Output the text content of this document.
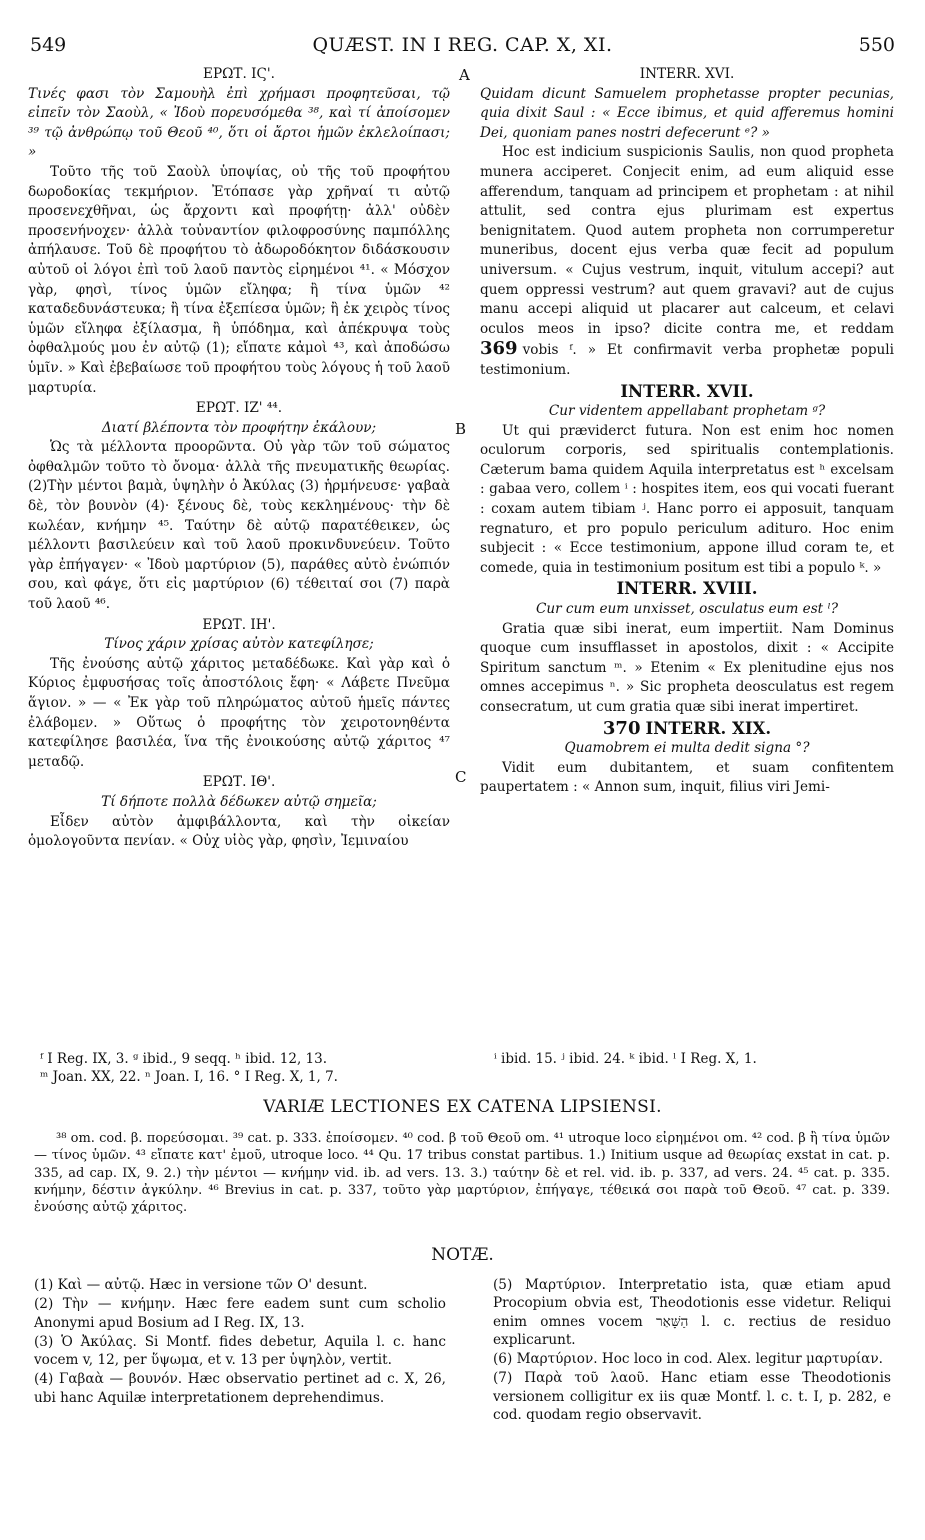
549	QUÆST. IN I REG. CAP. X, XI.	550
A
B
C
ΕΡΩΤ. ΙϚ'.

Τινές φασι τὸν Σαμουὴλ ἐπὶ χρήμασι προφητεῦσαι, τῷ εἰπεῖν τὸν Σαοὺλ, « Ἰδοὺ πορευσόμεθα ³⁸, καὶ τί ἀποίσομεν ³⁹ τῷ ἀνθρώπῳ τοῦ Θεοῦ ⁴⁰, ὅτι οἱ ἄρτοι ἡμῶν ἐκλελοίπασι; »

Τοῦτο τῆς τοῦ Σαοὺλ ὑποψίας, οὐ τῆς τοῦ προφήτου δωροδοκίας τεκμήριον. Ἐτόπασε γὰρ χρῆναί τι αὐτῷ προσενεχθῆναι, ὡς ἄρχοντι καὶ προφήτῃ· ἀλλ' οὐδὲν προσενήνοχεν· ἀλλὰ τοὐναντίον φιλοφροσύνης παμπόλλης ἀπήλαυσε. Τοῦ δὲ προφήτου τὸ ἀδωροδόκητον διδάσκουσιν αὐτοῦ οἱ λόγοι ἐπὶ τοῦ λαοῦ παντὸς εἰρημένοι ⁴¹. « Μόσχον γὰρ, φησὶ, τίνος ὑμῶν εἴληφα; ἢ τίνα ὑμῶν ⁴² καταδεδυνάστευκα; ἢ τίνα ἐξεπίεσα ὑμῶν; ἢ ἐκ χειρὸς τίνος ὑμῶν εἴληφα ἐξίλασμα, ἢ ὑπόδημα, καὶ ἀπέκρυψα τοὺς ὀφθαλμούς μου ἐν αὐτῷ (1); εἴπατε κἀμοὶ ⁴³, καὶ ἀποδώσω ὑμῖν. » Καὶ ἐβεβαίωσε τοῦ προφήτου τοὺς λόγους ἡ τοῦ λαοῦ μαρτυρία.

ΕΡΩΤ. ΙΖ' ⁴⁴.

Διατί βλέποντα τὸν προφήτην ἐκάλουν;

Ὡς τὰ μέλλοντα προορῶντα. Οὐ γὰρ τῶν τοῦ σώματος ὀφθαλμῶν τοῦτο τὸ ὄνομα· ἀλλὰ τῆς πνευματικῆς θεωρίας. (2)Τὴν μέντοι βαμὰ, ὑψηλὴν ὁ Ἀκύλας (3) ἡρμήνευσε· γαβαὰ δὲ, τὸν βουνὸν (4)· ξένους δὲ, τοὺς κεκλημένους· τὴν δὲ κωλέαν, κνήμην ⁴⁵. Ταύτην δὲ αὐτῷ παρατέθεικεν, ὡς μέλλοντι βασιλεύειν καὶ τοῦ λαοῦ προκινδυνεύειν. Τοῦτο γὰρ ἐπήγαγεν· « Ἰδοὺ μαρτύριον (5), παράθες αὐτὸ ἐνώπιόν σου, καὶ φάγε, ὅτι εἰς μαρτύριον (6) τέθειταί σοι (7) παρὰ τοῦ λαοῦ ⁴⁶.

ΕΡΩΤ. ΙΗ'.

Τίνος χάριν χρίσας αὐτὸν κατεφίλησε;

Τῆς ἐνούσης αὐτῷ χάριτος μεταδέδωκε. Καὶ γὰρ καὶ ὁ Κύριος ἐμφυσήσας τοῖς ἀποστόλοις ἔφη· « Λάβετε Πνεῦμα ἅγιον. » — « Ἐκ γὰρ τοῦ πληρώματος αὐτοῦ ἡμεῖς πάντες ἐλάβομεν. » Οὕτως ὁ προφήτης τὸν χειροτονηθέντα κατεφίλησε βασιλέα, ἵνα τῆς ἐνοικούσης αὐτῷ χάριτος ⁴⁷ μεταδῷ.

ΕΡΩΤ. ΙΘ'.

Τί δήποτε πολλὰ δέδωκεν αὐτῷ σημεῖα;

Εἶδεν αὐτὸν ἀμφιβάλλοντα, καὶ τὴν οἰκείαν ὁμολογοῦντα πενίαν. « Οὐχ υἱὸς γὰρ, φησὶν, Ἰεμιναίου

INTERR. XVI.

Quidam dicunt Samuelem prophetasse propter pecunias, quia dixit Saul : « Ecce ibimus, et quid afferemus homini Dei, quoniam panes nostri defecerunt ᵉ? »

Hoc est indicium suspicionis Saulis, non quod propheta munera acciperet. Conjecit enim, ad eum aliquid esse afferendum, tanquam ad principem et prophetam : at nihil attulit, sed contra ejus plurimam est expertus benignitatem. Quod autem propheta non corrumperetur muneribus, docent ejus verba quæ fecit ad populum universum. « Cujus vestrum, inquit, vitulum accepi? aut quem oppressi vestrum? aut quem gravavi? aut de cujus manu accepi aliquid ut placarer aut calceum, et celavi oculos meos in ipso? dicite contra me, et reddam 369 vobis ᶠ. » Et confirmavit verba prophetæ populi testimonium.

INTERR. XVII.

Cur videntem appellabant prophetam ᵍ?

Ut qui præviderct futura. Non est enim hoc nomen oculorum corporis, sed spiritualis contemplationis. Cæterum bama quidem Aquila interpretatus est ʰ excelsam : gabaa vero, collem ⁱ : hospites item, eos qui vocati fuerant : coxam autem tibiam ʲ. Hanc porro ei apposuit, tanquam regnaturo, et pro populo periculum adituro. Hoc enim subjecit : « Ecce testimonium, appone illud coram te, et comede, quia in testimonium positum est tibi a populo ᵏ. »

INTERR. XVIII.

Cur cum eum unxisset, osculatus eum est ˡ?

Gratia quæ sibi inerat, eum impertiit. Nam Dominus quoque cum insufflasset in apostolos, dixit : « Accipite Spiritum sanctum ᵐ. » Etenim « Ex plenitudine ejus nos omnes accepimus ⁿ. » Sic propheta deosculatus est regem consecratum, ut cum gratia quæ sibi inerat impertiret.

370 INTERR. XIX.

Quamobrem ei multa dedit signa °?

Vidit eum dubitantem, et suam confitentem paupertatem : « Annon sum, inquit, filius viri Jemi-

ᶠ I Reg. IX, 3. ᵍ ibid., 9 seqq. ʰ ibid. 12, 13.
ᵐ Joan. XX, 22. ⁿ Joan. I, 16. ° I Reg. X, 1, 7.
ⁱ ibid. 15. ʲ ibid. 24. ᵏ ibid. ˡ I Reg. X, 1.
VARIÆ LECTIONES EX CATENA LIPSIENSI.

³⁸ om. cod. β. πορεύσομαι. ³⁹ cat. p. 333. ἐποίσομεν. ⁴⁰ cod. β τοῦ Θεοῦ om. ⁴¹ utroque loco εἰρημένοι om. ⁴² cod. β ἢ τίνα ὑμῶν — τίνος ὑμῶν. ⁴³ εἴπατε κατ' ἐμοῦ, utroque loco. ⁴⁴ Qu. 17 tribus constat partibus. 1.) Initium usque ad θεωρίας exstat in cat. p. 335, ad cap. IX, 9. 2.) τὴν μέντοι — κνήμην vid. ib. ad vers. 13. 3.) ταύτην δὲ et rel. vid. ib. p. 337, ad vers. 24. ⁴⁵ cat. p. 335. κνήμην, δέστιν ἀγκύλην. ⁴⁶ Brevius in cat. p. 337, τοῦτο γὰρ μαρτύριον, ἐπήγαγε, τέθεικά σοι παρὰ τοῦ Θεοῦ. ⁴⁷ cat. p. 339. ἐνούσης αὐτῷ χάριτος.

NOTÆ.

(1) Καὶ — αὐτῷ. Hæc in versione τῶν Ο' desunt.

(2) Τὴν — κνήμην. Hæc fere eadem sunt cum scholio Anonymi apud Bosium ad I Reg. IX, 13.

(3) Ὁ Ἀκύλας. Si Montf. fides debetur, Aquila l. c. hanc vocem v, 12, per ὕψωμα, et v. 13 per ὑψηλὸν, vertit.

(4) Γαβαὰ — βουνόν. Hæc observatio pertinet ad c. X, 26, ubi hanc Aquilæ interpretationem deprehendimus.

(5) Μαρτύριον. Interpretatio ista, quæ etiam apud Procopium obvia est, Theodotionis esse videtur. Reliqui enim omnes vocem הַשָּׁאַר l. c. rectius de residuo explicarunt.

(6) Μαρτύριον. Hoc loco in cod. Alex. legitur μαρτυρίαν.

(7) Παρὰ τοῦ λαοῦ. Hanc etiam esse Theodotionis versionem colligitur ex iis quæ Montf. l. c. t. I, p. 282, e cod. quodam regio observavit.
